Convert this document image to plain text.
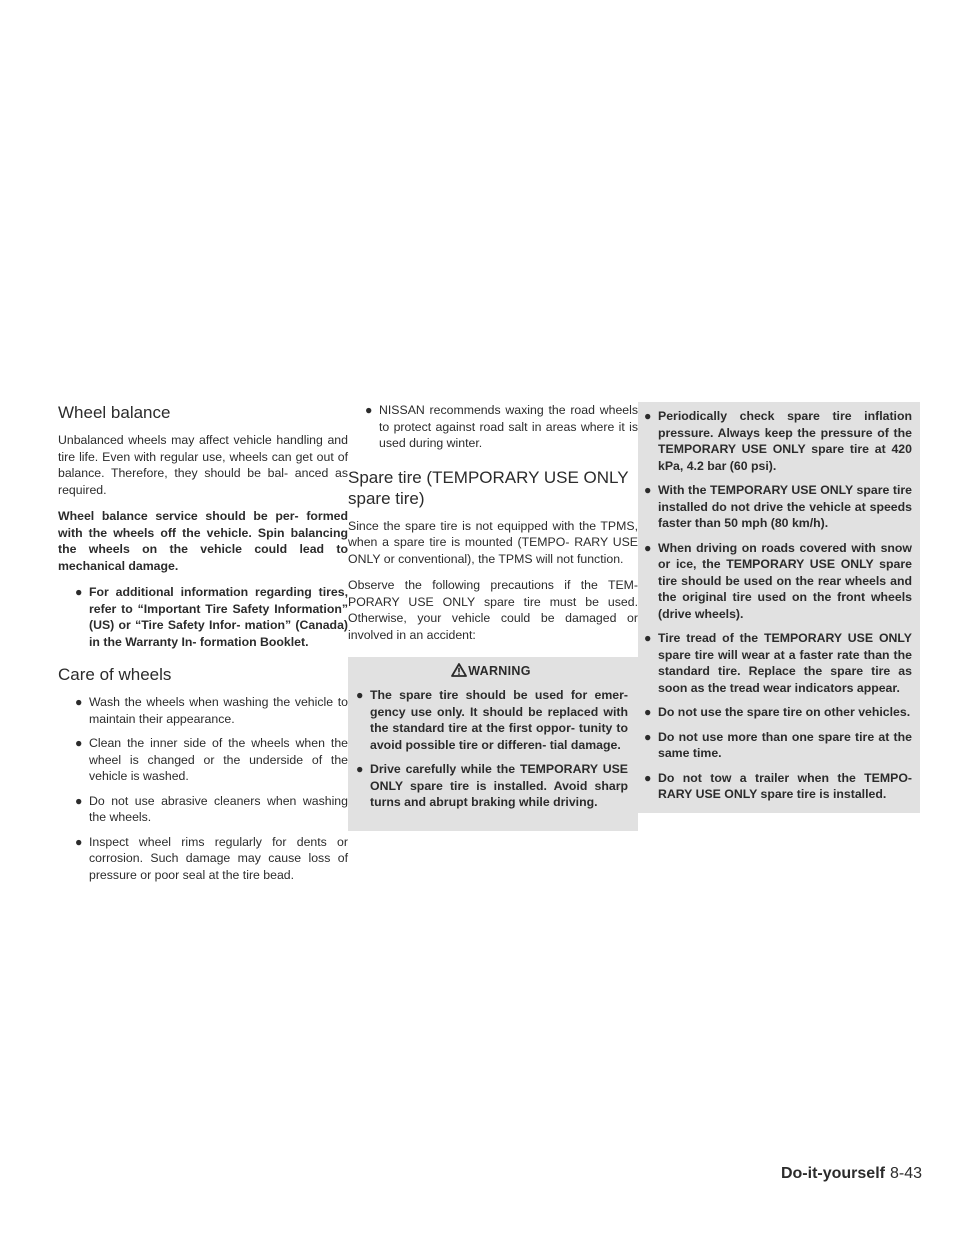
Wheel balance

Unbalanced wheels may affect vehicle handling and tire life. Even with regular use, wheels can get out of balance. Therefore, they should be bal- anced as required.

Wheel balance service should be per- formed with the wheels off the vehicle. Spin balancing the wheels on the vehicle could lead to mechanical damage.

● For additional information regarding tires, refer to “Important Tire Safety Information” (US) or “Tire Safety Infor- mation” (Canada) in the Warranty In- formation Booklet.
Care of wheels
● Wash the wheels when washing the vehicle to maintain their appearance.
● Clean the inner side of the wheels when the wheel is changed or the underside of the vehicle is washed.
● Do not use abrasive cleaners when washing the wheels.
● Inspect wheel rims regularly for dents or corrosion. Such damage may cause loss of pressure or poor seal at the tire bead.
● NISSAN recommends waxing the road wheels to protect against road salt in areas where it is used during winter.
Spare tire (TEMPORARY USE ONLY spare tire)

Since the spare tire is not equipped with the TPMS, when a spare tire is mounted (TEMPO- RARY USE ONLY or conventional), the TPMS will not function.

Observe the following precautions if the TEM- PORARY USE ONLY spare tire must be used. Otherwise, your vehicle could be damaged or involved in an accident:

WARNING
● The spare tire should be used for emer- gency use only. It should be replaced with the standard tire at the first oppor- tunity to avoid possible tire or differen- tial damage.
● Drive carefully while the TEMPORARY USE ONLY spare tire is installed. Avoid sharp turns and abrupt braking while driving.
● Periodically check spare tire inflation pressure. Always keep the pressure of the TEMPORARY USE ONLY spare tire at 420 kPa, 4.2 bar (60 psi).
● With the TEMPORARY USE ONLY spare tire installed do not drive the vehicle at speeds faster than 50 mph (80 km/h).
● When driving on roads covered with snow or ice, the TEMPORARY USE ONLY spare tire should be used on the rear wheels and the original tire used on the front wheels (drive wheels).
● Tire tread of the TEMPORARY USE ONLY spare tire will wear at a faster rate than the standard tire. Replace the spare tire as soon as the tread wear indicators appear.
● Do not use the spare tire on other vehicles.
● Do not use more than one spare tire at the same time.
● Do not tow a trailer when the TEMPO- RARY USE ONLY spare tire is installed.
Do-it-yourself 8-43
